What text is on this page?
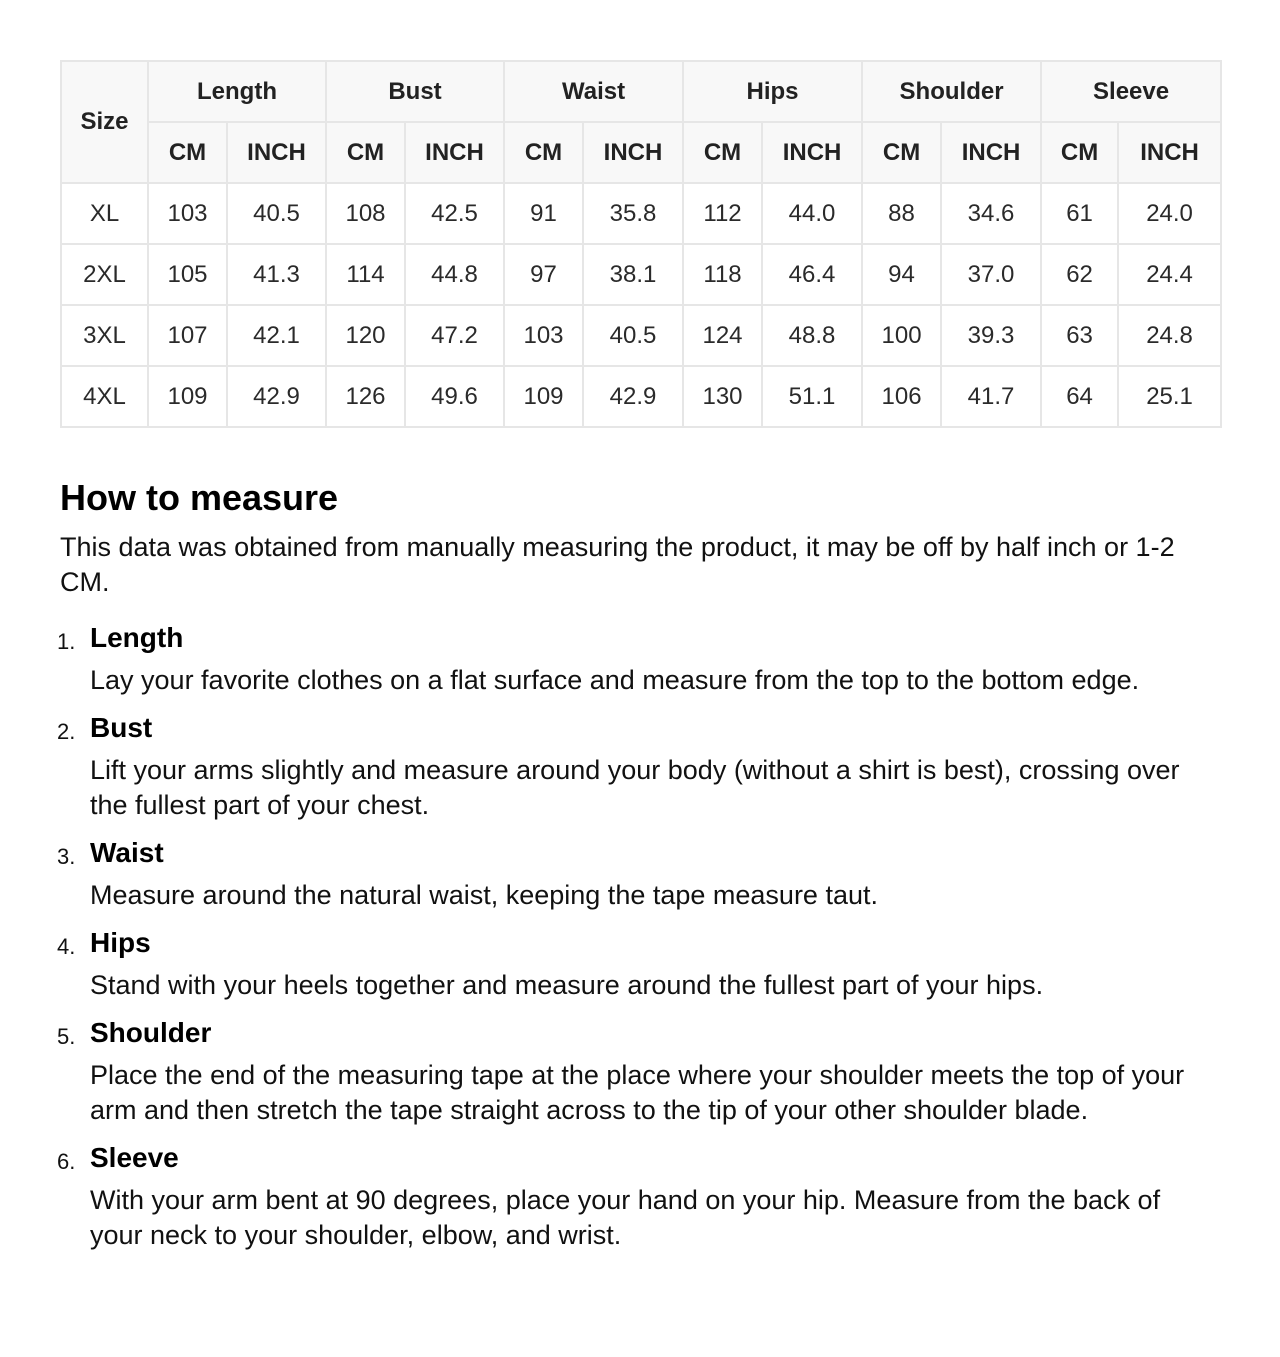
Size	Length		Bust		Waist		Hips		Shoulder		Sleeve	
	CM	INCH	CM	INCH	CM	INCH	CM	INCH	CM	INCH	CM	INCH
XL	103	40.5	108	42.5	91	35.8	112	44.0	88	34.6	61	24.0
2XL	105	41.3	114	44.8	97	38.1	118	46.4	94	37.0	62	24.4
3XL	107	42.1	120	47.2	103	40.5	124	48.8	100	39.3	63	24.8
4XL	109	42.9	126	49.6	109	42.9	130	51.1	106	41.7	64	25.1
How to measure

This data was obtained from manually measuring the product, it may be off by half inch or 1-2 CM.

1. Length
Lay your favorite clothes on a flat surface and measure from the top to the bottom edge.
2. Bust
Lift your arms slightly and measure around your body (without a shirt is best), crossing over the fullest part of your chest.
3. Waist
Measure around the natural waist, keeping the tape measure taut.
4. Hips
Stand with your heels together and measure around the fullest part of your hips.
5. Shoulder
Place the end of the measuring tape at the place where your shoulder meets the top of your arm and then stretch the tape straight across to the tip of your other shoulder blade.
6. Sleeve
With your arm bent at 90 degrees, place your hand on your hip. Measure from the back of your neck to your shoulder, elbow, and wrist.
